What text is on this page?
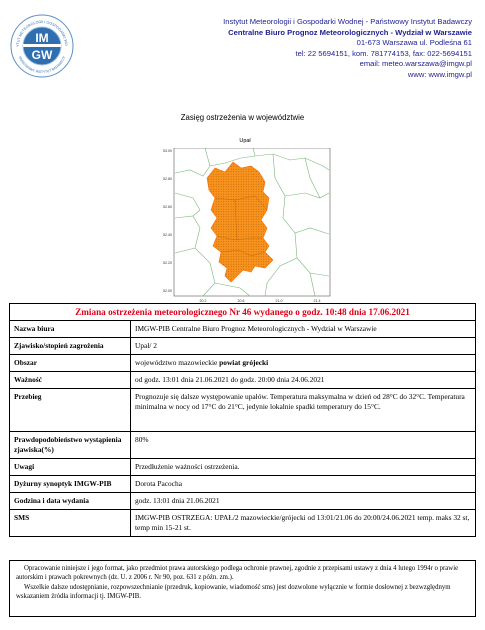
IM
GW
YTUT METEOROLOGII I GOSPODARKI WO
PAŃSTWOWY INSTYTUT BADAWCZY
Instytut Meteorologii i Gospodarki Wodnej - Państwowy Instytut Badawczy
Centralne Biuro Prognoz Meteorologicznych - Wydział w Warszawie
01-673 Warszawa ul. Podleśna 61
tel: 22 5694151, kom. 781774153, fax: 022-5694151
email: meteo.warszawa@imgw.pl
www: www.imgw.pl
Zasięg ostrzeżenia w województwie
Upał
53.00
52.80
52.60
52.40
52.20
52.00
20.2	20.6	21.0	21.4
Zmiana ostrzeżenia meteorologicznego Nr 46 wydanego o godz. 10:48 dnia 17.06.2021	
Nazwa biura	IMGW-PIB Centralne Biuro Prognoz Meteorologicznych - Wydział w Warszawie
Zjawisko/stopień zagrożenia	Upał/ 2
Obszar	województwo mazowieckie powiat grójecki
Ważność	od godz. 13:01 dnia 21.06.2021 do godz. 20:00 dnia 24.06.2021
Przebieg	Prognozuje się dalsze występowanie upałów. Temperatura maksymalna w dzień od 28°C do 32°C. Temperatura minimalna w nocy od 17°C do 21°C, jedynie lokalnie spadki temperatury do 15°C.
Prawdopodobieństwo wystąpienia zjawiska(%)	80%
Uwagi	Przedłużenie ważności ostrzeżenia.
Dyżurny synoptyk IMGW-PIB	Dorota Pacocha
Godzina i data wydania	godz. 13:01 dnia 21.06.2021
SMS	IMGW-PIB OSTRZEGA: UPAŁ/2 mazowieckie/grójecki od 13:01/21.06 do 20:00/24.06.2021 temp. maks 32 st, temp min 15-21 st.

Opracowanie niniejsze i jego format, jako przedmiot prawa autorskiego podlega ochronie prawnej, zgodnie z przepisami ustawy z dnia 4 lutego 1994r o prawie autorskim i prawach pokrewnych (dz. U. z 2006 r. Nr 90, poz. 631 z późn. zm.).

Wszelkie dalsze udostępnianie, rozpowszechnianie (przedruk, kopiowanie, wiadomość sms) jest dozwolone wyłącznie w formie dosłownej z bezwzględnym wskazaniem źródła informacji tj. IMGW-PIB.
